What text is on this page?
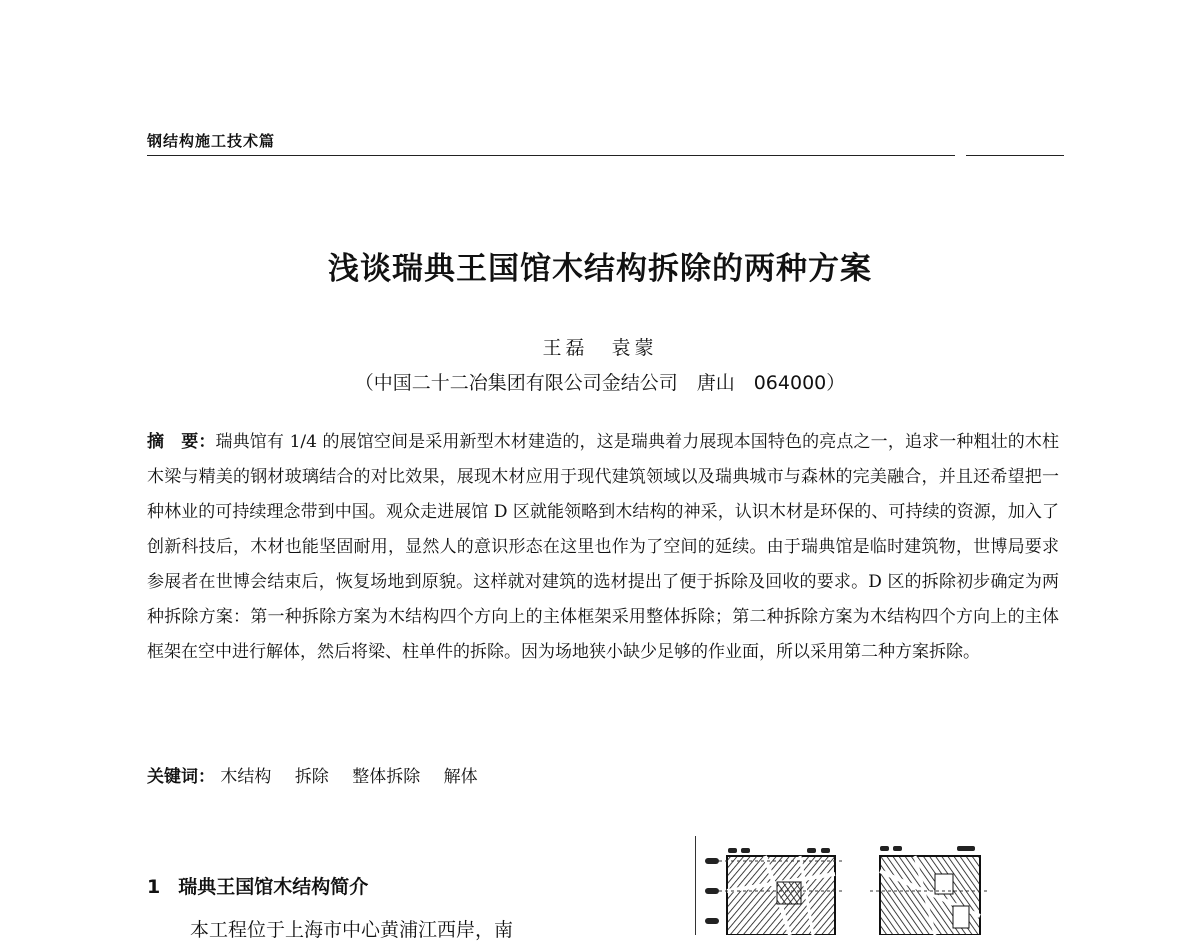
钢结构施工技术篇
浅谈瑞典王国馆木结构拆除的两种方案
王磊　袁蒙
（中国二十二冶集团有限公司金结公司　唐山　064000）
摘　要：瑞典馆有 1/4 的展馆空间是采用新型木材建造的，这是瑞典着力展现本国特色的亮点之一，追求一种粗壮的木柱木梁与精美的钢材玻璃结合的对比效果，展现木材应用于现代建筑领域以及瑞典城市与森林的完美融合，并且还希望把一种林业的可持续理念带到中国。观众走进展馆 D 区就能领略到木结构的神采，认识木材是环保的、可持续的资源，加入了创新科技后，木材也能坚固耐用，显然人的意识形态在这里也作为了空间的延续。由于瑞典馆是临时建筑物，世博局要求参展者在世博会结束后，恢复场地到原貌。这样就对建筑的选材提出了便于拆除及回收的要求。D 区的拆除初步确定为两种拆除方案：第一种拆除方案为木结构四个方向上的主体框架采用整体拆除；第二种拆除方案为木结构四个方向上的主体框架在空中进行解体，然后将梁、柱单件的拆除。因为场地狭小缺少足够的作业面，所以采用第二种方案拆除。
关键词： 木结构 拆除 整体拆除 解体
1 瑞典王国馆木结构简介
本工程位于上海市中心黄浦江西岸，南
